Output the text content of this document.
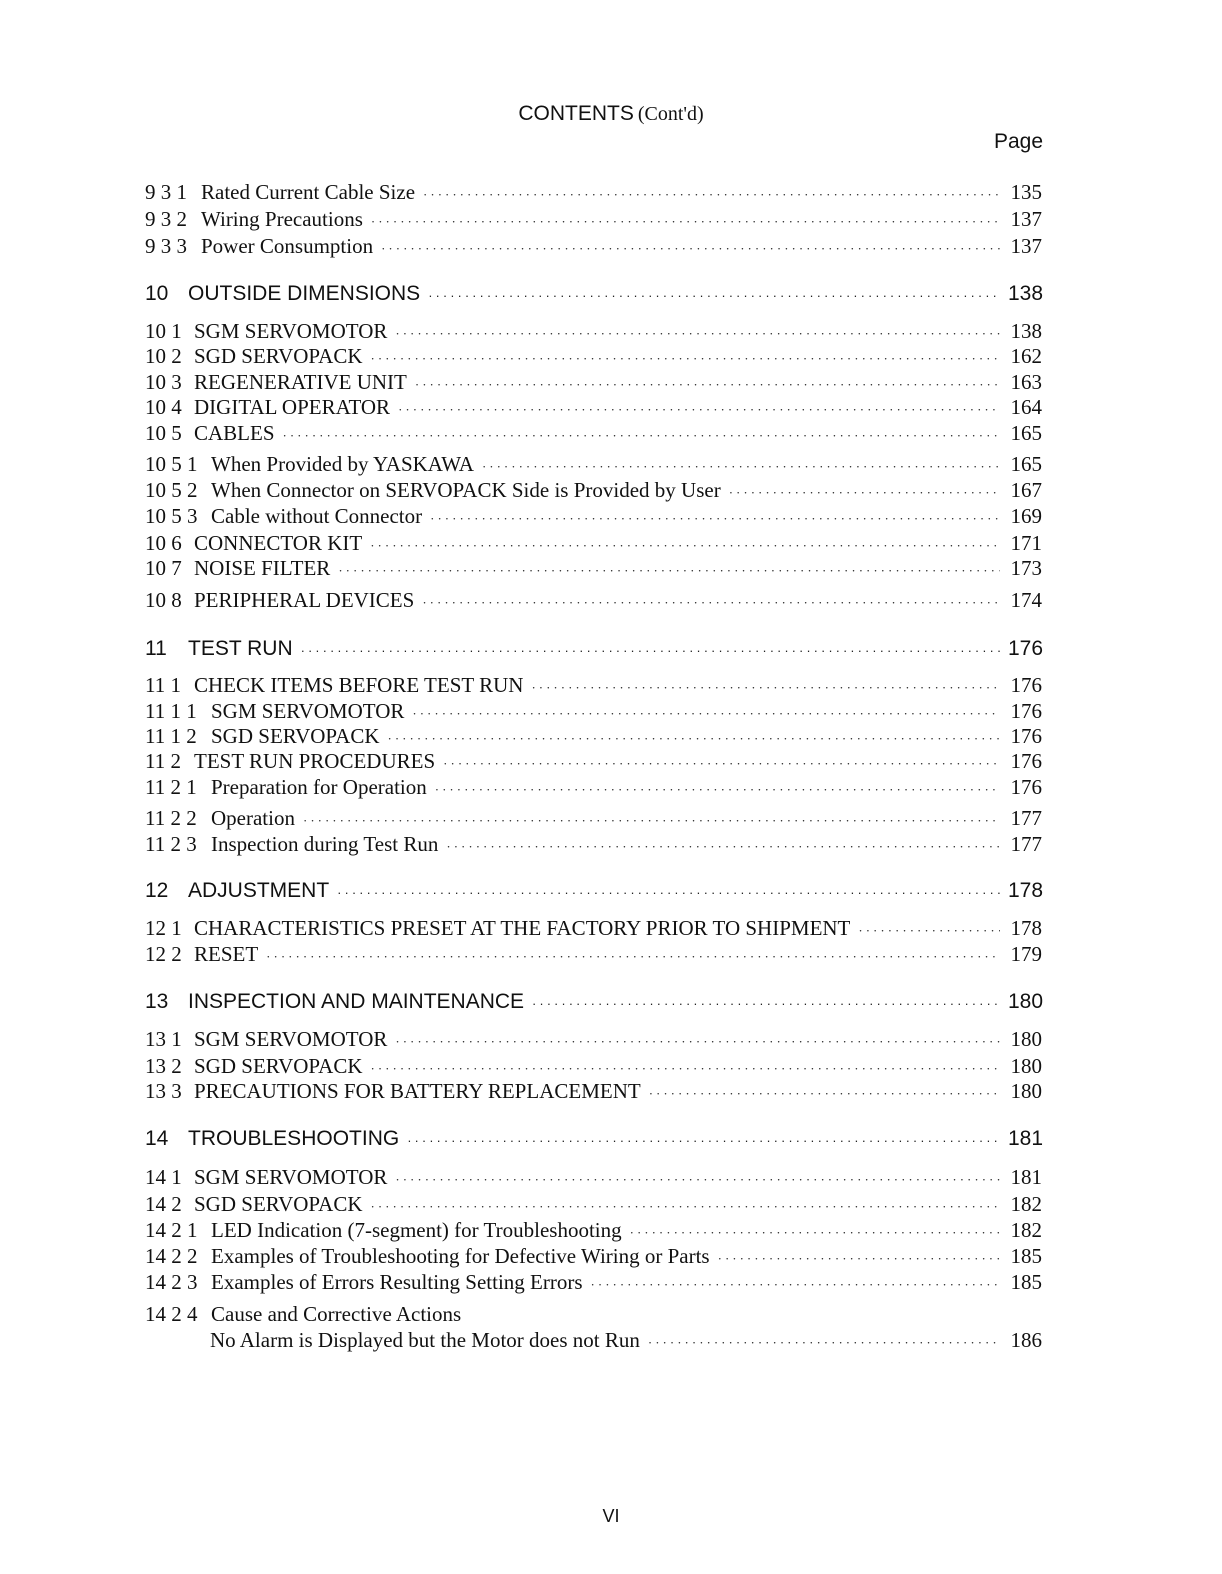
CONTENTS (Cont'd)
Page
9 3 1 Rated Current Cable Size ·····	135
9 3 2 Wiring Precautions ·····	137
9 3 3 Power Consumption ·····	137
10 OUTSIDE DIMENSIONS ·····	138
10 1 SGM SERVOMOTOR ·····	138
10 2 SGD SERVOPACK ·····	162
10 3 REGENERATIVE UNIT ·····	163
10 4 DIGITAL OPERATOR ·····	164
10 5 CABLES ·····	165
10 5 1 When Provided by YASKAWA ·····	165
10 5 2 When Connector on SERVOPACK Side is Provided by User ·····	167
10 5 3 Cable without Connector ·····	169
10 6 CONNECTOR KIT ·····	171
10 7 NOISE FILTER ·····	173
10 8 PERIPHERAL DEVICES ·····	174
11	TEST RUN ·····	176
11 1 CHECK ITEMS BEFORE TEST RUN ·····	176
11 1 1 SGM SERVOMOTOR ·····	176
11 1 2 SGD SERVOPACK ·····	176
11 2 TEST RUN PROCEDURES ·····	176
11 2 1 Preparation for Operation ·····	176
11 2 2 Operation ·····	177
11 2 3 Inspection during Test Run ·····	177
12 ADJUSTMENT ·····	178
12 1 CHARACTERISTICS PRESET AT THE FACTORY PRIOR TO SHIPMENT ·····	178
12 2 RESET ·····	179
13 INSPECTION AND MAINTENANCE ·····	180
13 1 SGM SERVOMOTOR ·····	180
13 2 SGD SERVOPACK ·····	180
13 3 PRECAUTIONS FOR BATTERY REPLACEMENT ·····	180
14 TROUBLESHOOTING ·····	181
14 1 SGM SERVOMOTOR ·····	181
14 2 SGD SERVOPACK ·····	182
14 2 1 LED Indication (7-segment) for Troubleshooting ·····	182
14 2 2 Examples of Troubleshooting for Defective Wiring or Parts ·····	185
14 2 3 Examples of Errors Resulting Setting Errors ·····	185
14 2 4 Cause and Corrective Actions
No Alarm is Displayed but the Motor does not Run ·····	186
VI
